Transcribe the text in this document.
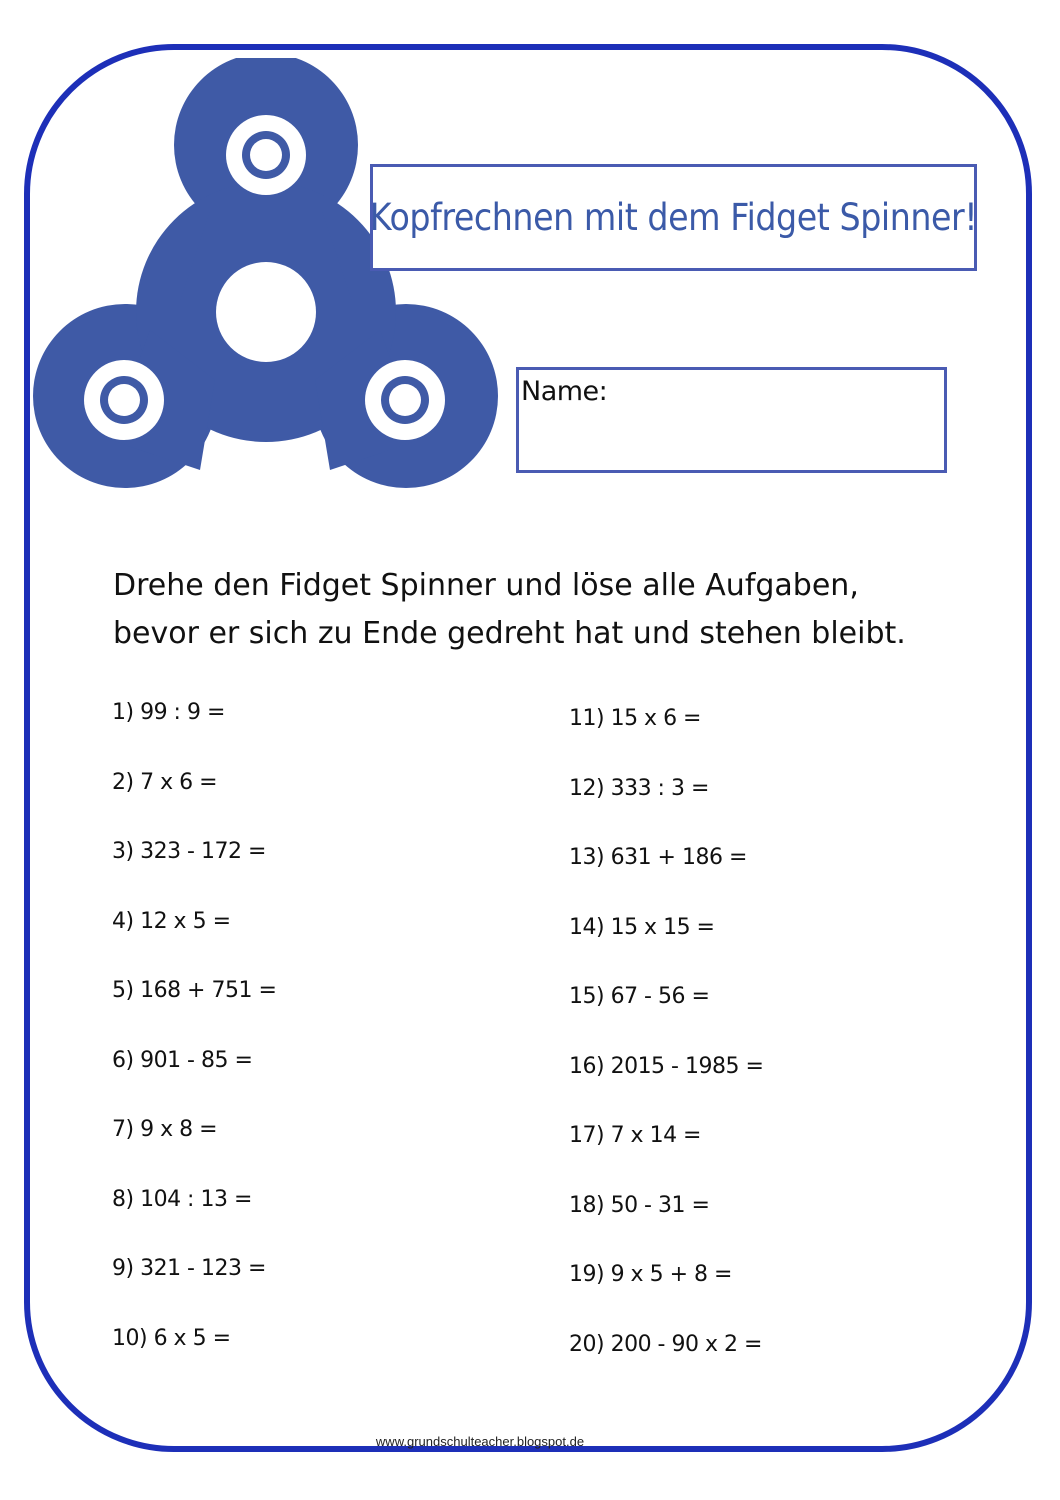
Kopfrechnen mit dem Fidget Spinner!
Name:
Drehe den Fidget Spinner und löse alle Aufgaben,
bevor er sich zu Ende gedreht hat und stehen bleibt.
1) 99 : 9 =
2) 7 x 6 =
3) 323 - 172 =
4) 12 x 5 =
5) 168 + 751 =
6) 901 - 85 =
7) 9 x 8 =
8) 104 : 13 =
9) 321 - 123 =
10) 6 x 5 =
11) 15 x 6 =
12) 333 : 3 =
13) 631 + 186 =
14) 15 x 15 =
15) 67 - 56 =
16) 2015 - 1985 =
17) 7 x 14 =
18) 50 - 31 =
19) 9 x 5 + 8 =
20) 200 - 90 x 2 =
www.grundschulteacher.blogspot.de
